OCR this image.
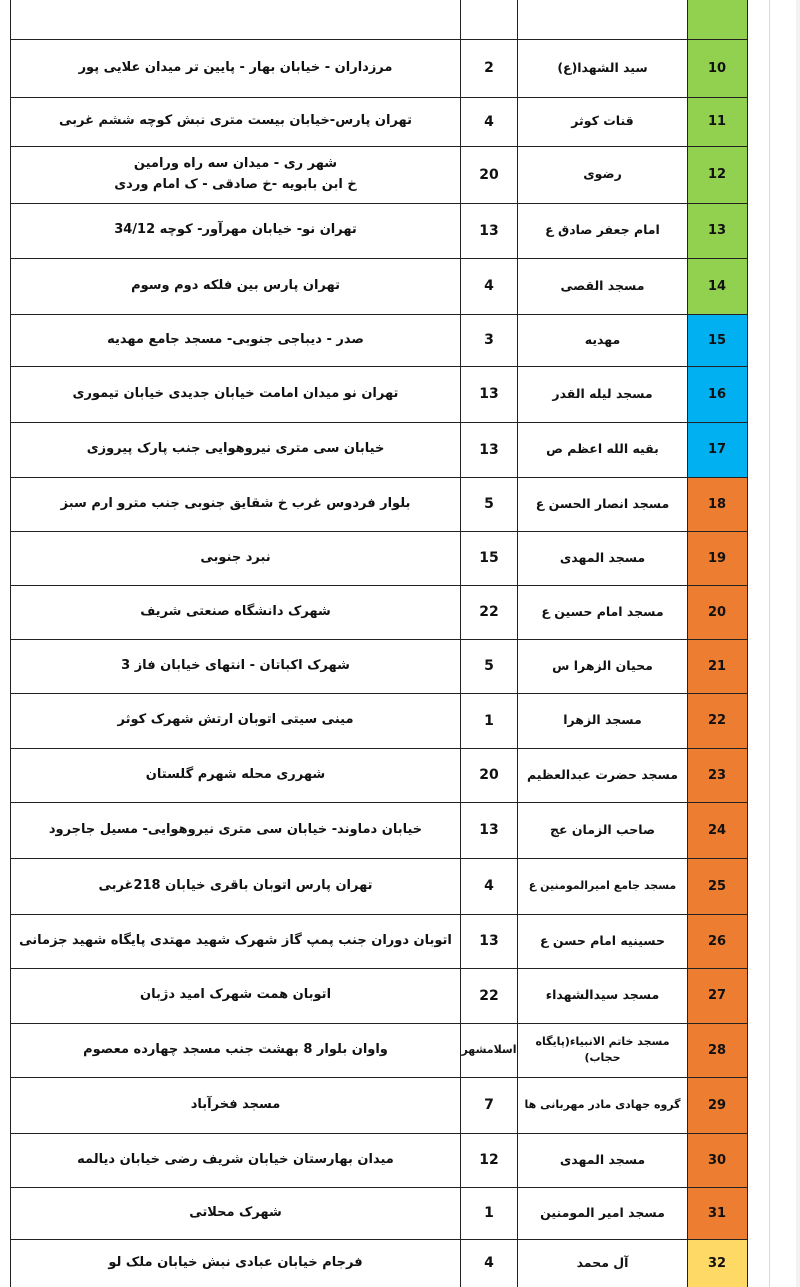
10
سید الشهدا(ع)
2
مرزداران - خیابان بهار - پایین تر میدان علایی پور
11
قنات کوثر
4
تهران پارس-خیابان بیست متری نبش کوچه ششم غربی
12
رضوی
20
شهر ری - میدان سه راه ورامین
خ ابن بابویه -خ صادقی - ک امام وردی
13
امام جعفر صادق ع
13
تهران نو- خیابان مهرآور- کوچه 34/12
14
مسجد القصی
4
تهران پارس بین فلکه دوم وسوم
15
مهدیه
3
صدر - دیباجی جنوبی- مسجد جامع مهدیه
16
مسجد لیله القدر
13
تهران نو میدان امامت خیابان جدیدی خیابان تیموری
17
بقیه الله اعظم ص
13
خیابان سی متری نیروهوایی جنب پارک پیروزی
18
مسجد انصار الحسن ع
5
بلوار فردوس غرب خ شقایق جنوبی جنب مترو ارم سبز
19
مسجد المهدی
15
نبرد جنوبی
20
مسجد امام حسین ع
22
شهرک دانشگاه صنعتی شریف
21
محیان الزهرا س
5
شهرک اکباتان - انتهای خیابان فاز 3
22
مسجد الزهرا
1
مینی سیتی اتوبان ارتش شهرک کوثر
23
مسجد حضرت عبدالعظیم
20
شهرری محله شهرم گلستان
24
صاحب الزمان عج
13
خیابان دماوند- خیابان سی متری نیروهوایی- مسیل جاجرود
25
مسجد جامع امیرالمومنین ع
4
تهران پارس اتوبان باقری خیابان 218غربی
26
حسینیه امام حسن ع
13
اتوبان دوران جنب پمپ گاز شهرک شهید مهتدی پایگاه شهید جزمانی
27
مسجد سیدالشهداء
22
اتوبان همت شهرک امید دژبان
28
مسجد خاتم الانبیاء(پایگاه حجاب)
اسلامشهر
واوان بلوار 8 بهشت جنب مسجد چهارده معصوم
29
گروه جهادی مادر مهربانی ها
7
مسجد فخرآباد
30
مسجد المهدی
12
میدان بهارستان خیابان شریف رضی خیابان دیالمه
31
مسجد امیر المومنین
1
شهرک محلاتی
32
آل محمد
4
فرجام خیابان عبادی نبش خیابان ملک لو
